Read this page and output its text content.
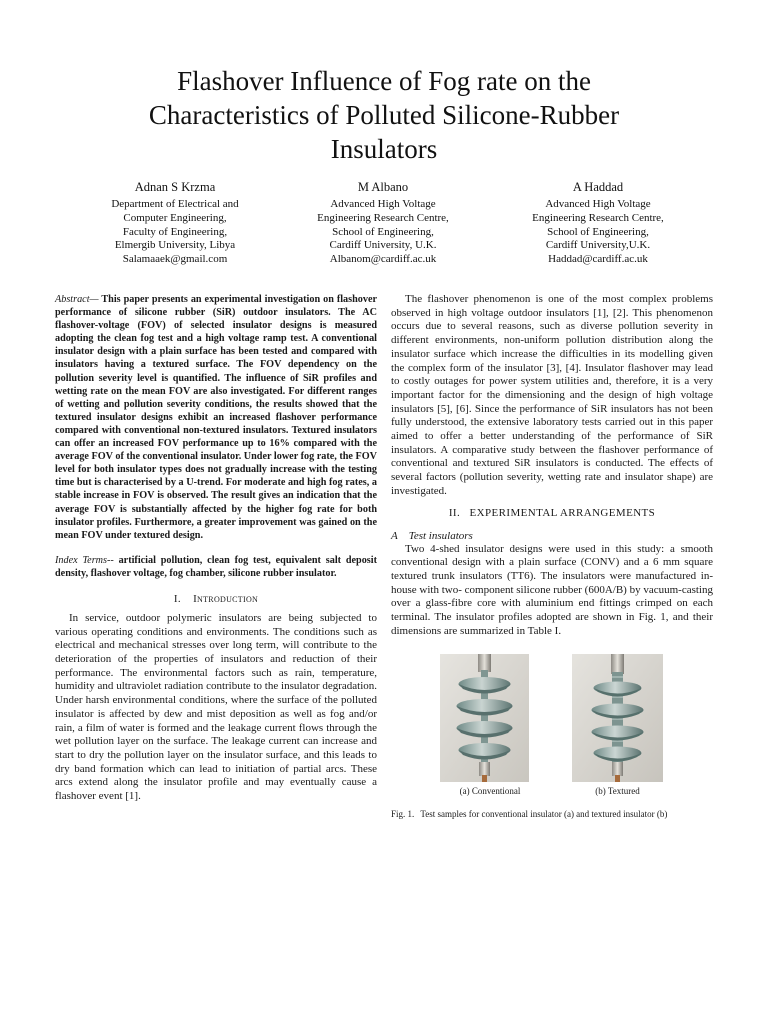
Flashover Influence of Fog rate on the
Characteristics of Polluted Silicone-Rubber
Insulators
Adnan S Krzma
Department of Electrical and
Computer Engineering,
Faculty of Engineering,
Elmergib University, Libya
Salamaaek@gmail.com
M Albano
Advanced High Voltage
Engineering Research Centre,
School of Engineering,
Cardiff University, U.K.
Albanom@cardiff.ac.uk
A Haddad
Advanced High Voltage
Engineering Research Centre,
School of Engineering,
Cardiff University,U.K.
Haddad@cardiff.ac.uk
Abstract— This paper presents an experimental investigation on flashover performance of silicone rubber (SiR) outdoor insulators. The AC flashover-voltage (FOV) of selected insulator designs is measured adopting the clean fog test and a high voltage ramp test. A conventional insulator design with a plain surface has been tested and compared with insulators having a textured surface. The FOV dependency on the pollution severity level is quantified. The influence of SiR profiles and wetting rate on the mean FOV are also investigated. For different ranges of wetting and pollution severity conditions, the results showed that the textured insulator designs exhibit an increased flashover performance compared with conventional non-textured insulators. Textured insulators can offer an increased FOV performance up to 16% compared with the average FOV of the conventional insulator. Under lower fog rate, the FOV level for both insulator types does not gradually increase with the testing time but is characterised by a U-trend. For moderate and high fog rates, a stable increase in FOV is observed. The result gives an indication that the average FOV is substantially affected by the higher fog rate for both insulator profiles. Furthermore, a greater improvement was gained on the mean FOV under textured design.
Index Terms-- artificial pollution, clean fog test, equivalent salt deposit density, flashover voltage, fog chamber, silicone rubber insulator.
I. Introduction
In service, outdoor polymeric insulators are being subjected to various operating conditions and environments. The conditions such as electrical and mechanical stresses over long term, will contribute to the deterioration of the properties of insulators and reduction of their performance. The environmental factors such as rain, temperature, humidity and ultraviolet radiation contribute to the insulator degradation. Under harsh environmental conditions, where the surface of the polluted insulator is affected by dew and mist deposition as well as fog and/or rain, a film of water is formed and the leakage current flows through the wet pollution layer on the surface. The leakage current can increase and start to dry the pollution layer on the insulator surface, and this leads to dry band formation which can lead to initiation of partial arcs. These arcs extend along the insulator profile and may eventually cause a flashover event [1].
The flashover phenomenon is one of the most complex problems observed in high voltage outdoor insulators [1], [2]. This phenomenon occurs due to several reasons, such as diverse pollution severity in different environments, non-uniform pollution distribution along the insulator surface which increase the difficulties in its modelling given the complex form of the insulator [3], [4]. Insulator flashover may lead to costly outages for power system utilities and, therefore, it is a very important factor for the dimensioning and the design of high voltage insulators [5], [6]. Since the performance of SiR insulators has not been fully understood, the extensive laboratory tests carried out in this paper aimed to offer a better understanding of the performance of SiR insulators. A comparative study between the flashover performance of conventional and textured SiR insulators is conducted. The effects of several factors (pollution severity, wetting rate and insulator shape) are investigated.
II. EXPERIMENTAL ARRANGEMENTS
A Test insulators
Two 4-shed insulator designs were used in this study: a smooth conventional design with a plain surface (CONV) and a 6 mm square textured trunk insulators (TT6). The insulators were manufactured in-house with two- component silicone rubber (600A/B) by vacuum-casting over a glass-fibre core with aluminium end fittings crimped on each terminal. The insulator profiles adopted are shown in Fig. 1, and their dimensions are summarized in Table I.
(a) Conventional	(b) Textured
Fig. 1. Test samples for conventional insulator (a) and textured insulator (b)
